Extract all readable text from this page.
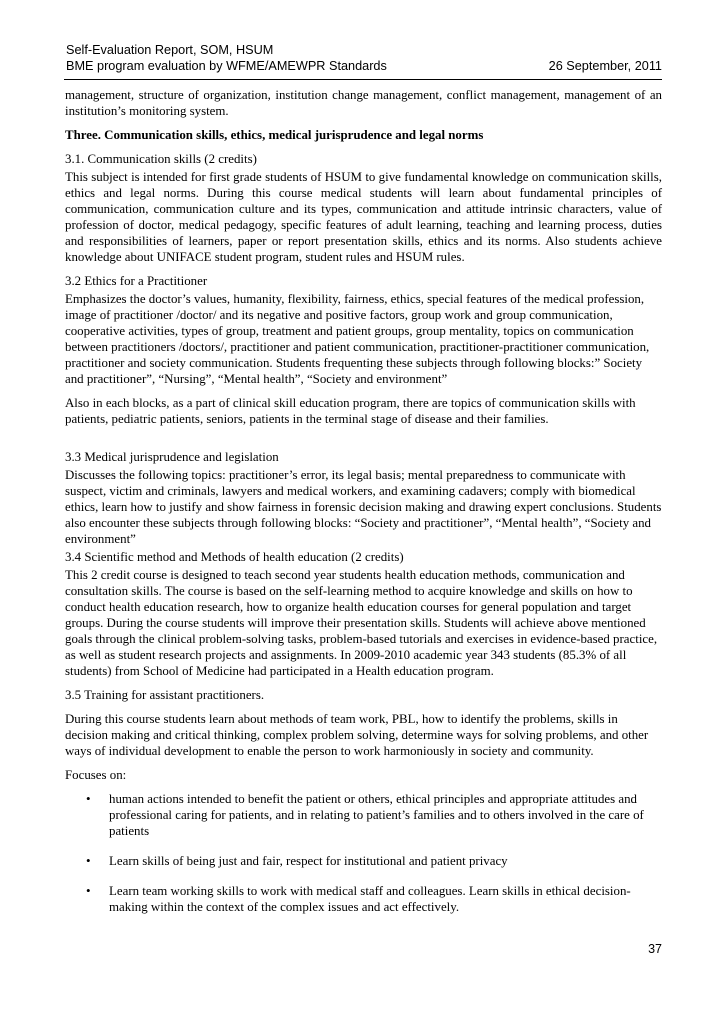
Self-Evaluation Report, SOM, HSUM
BME program evaluation by WFME/AMEWPR Standards	26 September, 2011

management, structure of organization, institution change management, conflict management, management of an institution’s monitoring system.

Three. Communication skills, ethics, medical jurisprudence and legal norms

3.1. Communication skills (2 credits)

This subject is intended for first grade students of HSUM to give fundamental knowledge on communication skills, ethics and legal norms. During this course medical students will learn about fundamental principles of communication, communication culture and its types, communication and attitude intrinsic characters, value of profession of doctor, medical pedagogy, specific features of adult learning, teaching and learning process, duties and responsibilities of learners, paper or report presentation skills, ethics and its norms. Also students achieve knowledge about UNIFACE student program, student rules and HSUM rules.

3.2 Ethics for a Practitioner

Emphasizes the doctor’s values, humanity, flexibility, fairness, ethics, special features of the medical profession, image of practitioner /doctor/ and its negative and positive factors, group work and group communication, cooperative activities, types of group, treatment and patient groups, group mentality, topics on communication between practitioners /doctors/, practitioner and patient communication, practitioner-practitioner communication, practitioner and society communication. Students frequenting these subjects through following blocks:” Society and practitioner”, “Nursing”, “Mental health”, “Society and environment”

Also in each blocks, as a part of clinical skill education program, there are topics of communication skills with patients, pediatric patients, seniors, patients in the terminal stage of disease and their families.

3.3 Medical jurisprudence and legislation

Discusses the following topics: practitioner’s error, its legal basis; mental preparedness to communicate with suspect, victim and criminals, lawyers and medical workers, and examining cadavers; comply with biomedical ethics, learn how to justify and show fairness in forensic decision making and drawing expert conclusions. Students also encounter these subjects through following blocks: “Society and practitioner”, “Mental health”, “Society and environment”

3.4 Scientific method and Methods of health education (2 credits)

This 2 credit course is designed to teach second year students health education methods, communication and consultation skills. The course is based on the self-learning method to acquire knowledge and skills on how to conduct health education research, how to organize health education courses for general population and target groups. During the course students will improve their presentation skills. Students will achieve above mentioned goals through the clinical problem-solving tasks, problem-based tutorials and exercises in evidence-based practice, as well as student research projects and assignments. In 2009-2010 academic year 343 students (85.3% of all students) from School of Medicine had participated in a Health education program.

3.5 Training for assistant practitioners.

During this course students learn about methods of team work, PBL, how to identify the problems, skills in decision making and critical thinking, complex problem solving, determine ways for solving problems, and other ways of individual development to enable the person to work harmoniously in society and community.

Focuses on:

• human actions intended to benefit the patient or others, ethical principles and appropriate attitudes and professional caring for patients, and in relating to patient’s families and to others involved in the care of patients
• Learn skills of being just and fair, respect for institutional and patient privacy
• Learn team working skills to work with medical staff and colleagues. Learn skills in ethical decision-making within the context of the complex issues and act effectively.
37
